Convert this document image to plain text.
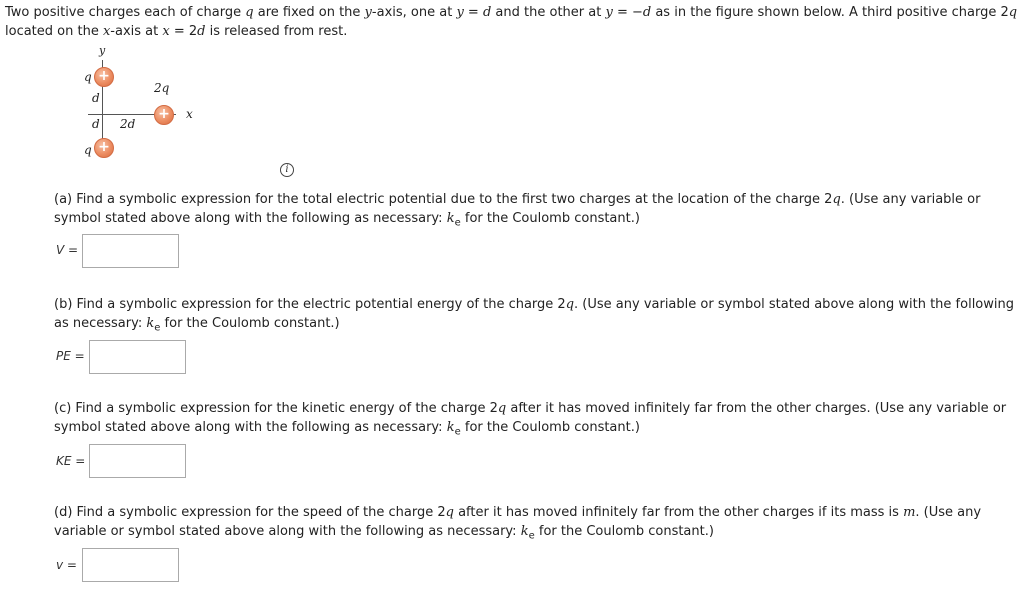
Two positive charges each of charge q are fixed on the y-axis, one at y = d and the other at y = −d as in the figure shown below. A third positive charge 2q located on the x-axis at x = 2d is released from rest.
y
x
q +
d
d
q +
2q
+
2d
i
(a) Find a symbolic expression for the total electric potential due to the first two charges at the location of the charge 2q. (Use any variable or symbol stated above along with the following as necessary: $k_e$ for the Coulomb constant.)
V =
(b) Find a symbolic expression for the electric potential energy of the charge 2q. (Use any variable or symbol stated above along with the following as necessary: $k_e$ for the Coulomb constant.)
PE =
(c) Find a symbolic expression for the kinetic energy of the charge 2q after it has moved infinitely far from the other charges. (Use any variable or symbol stated above along with the following as necessary: $k_e$ for the Coulomb constant.)
KE =
(d) Find a symbolic expression for the speed of the charge 2q after it has moved infinitely far from the other charges if its mass is m. (Use any variable or symbol stated above along with the following as necessary: $k_e$ for the Coulomb constant.)
v =
